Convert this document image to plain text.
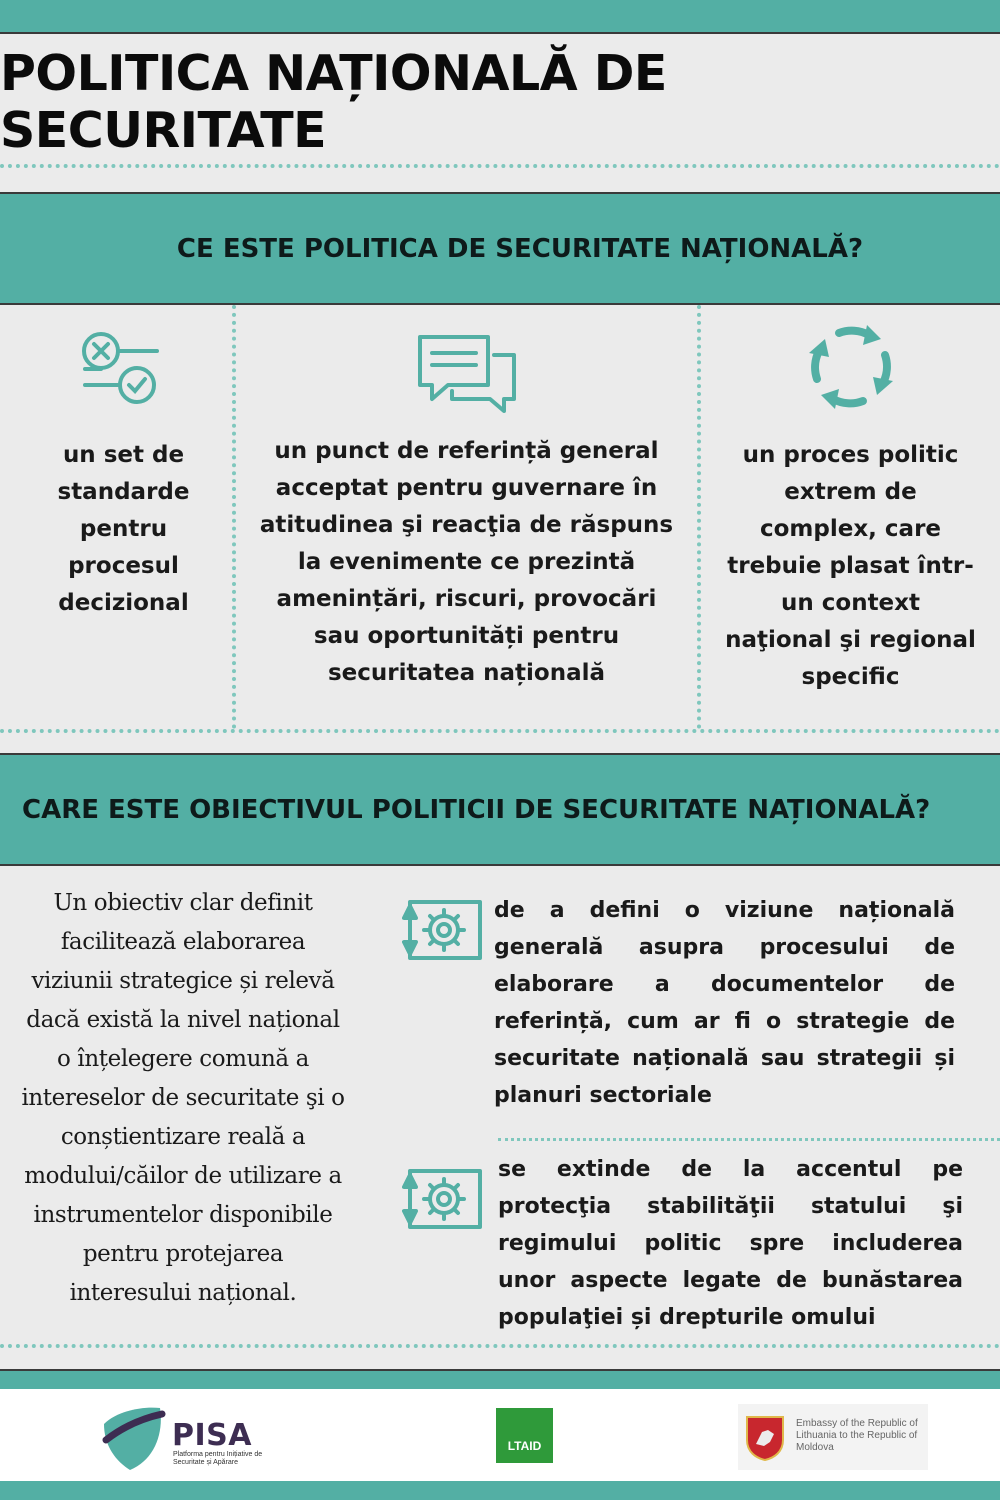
POLITICA NAȚIONALĂ DE SECURITATE
CE ESTE POLITICA DE SECURITATE NAȚIONALĂ?
un set de
standarde
pentru
procesul
decizional
un punct de referință general
acceptat pentru guvernare în
atitudinea şi reacţia de răspuns
la evenimente ce prezintă
amenințări, riscuri, provocări
sau oportunități pentru
securitatea națională
un proces politic
extrem de
complex, care
trebuie plasat într-
un context
naţional şi regional
specific
CARE ESTE OBIECTIVUL POLITICII DE SECURITATE NAȚIONALĂ?
Un obiectiv clar definit
facilitează elaborarea
viziunii strategice și relevă
dacă există la nivel național
o înțelegere comună a
intereselor de securitate şi o
conștientizare reală a
modului/căilor de utilizare a
instrumentelor disponibile
pentru protejarea
interesului național.
de a defini o viziune națională generală asupra procesului de elaborare a documentelor de referință, cum ar fi o strategie de securitate națională sau strategii și planuri sectoriale
se extinde de la accentul pe protecţia stabilităţii statului şi regimului politic spre includerea unor aspecte legate de bunăstarea populaţiei și drepturile omului
PISA
Platforma pentru Inițiative de Securitate și Apărare
LTAID
Embassy of the Republic of Lithuania to the Republic of Moldova
